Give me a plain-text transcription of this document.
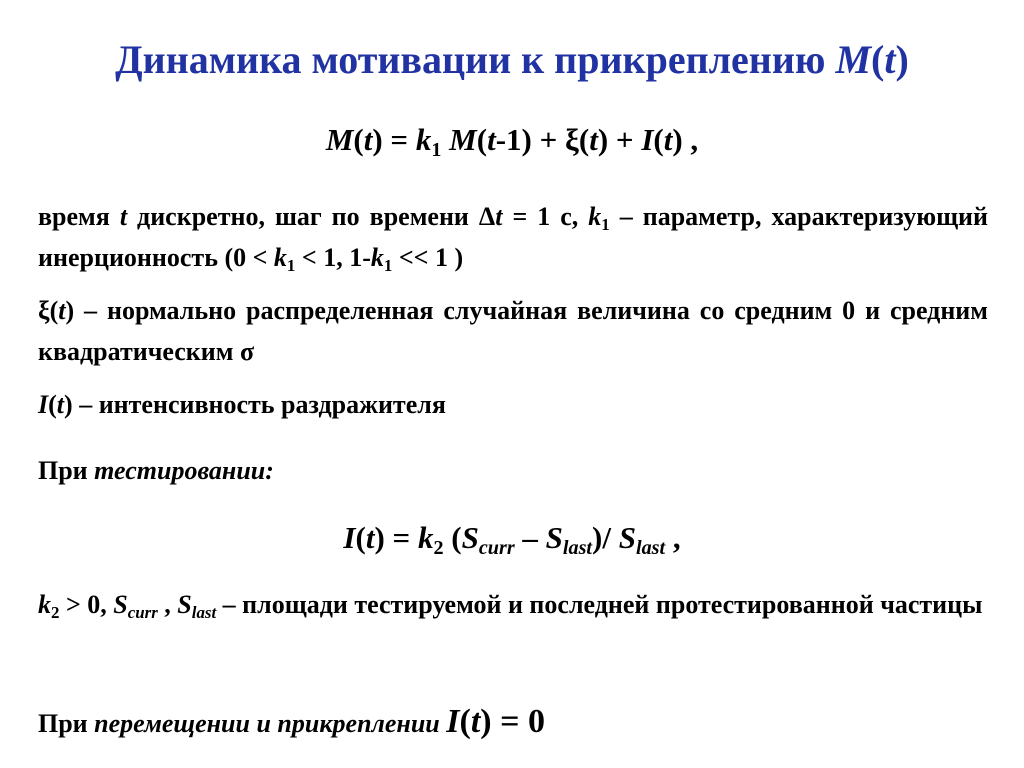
Динамика мотивации к прикреплению M(t)
$M(t) = k_1$ M(t-1) + ξ(t) + I(t) ,
время t дискретно, шаг по времени Δt = 1 с, $k_1$ – параметр, характеризующий инерционность ($0 < k_1 < 1$, $1-k_1 << 1$ )
ξ(t) – нормально распределенная случайная величина со средним 0 и средним квадратическим σ
I(t) – интенсивность раздражителя
При тестировании:
$I(t) = k_2$ $(S_{curr} - S_{last})/$ $S_{last}$ ,
$k_2 > 0$, $S_{curr}$ , $S_{last}$ – площади тестируемой и последней протестированной частицы
При перемещении и прикреплении I(t) = 0
